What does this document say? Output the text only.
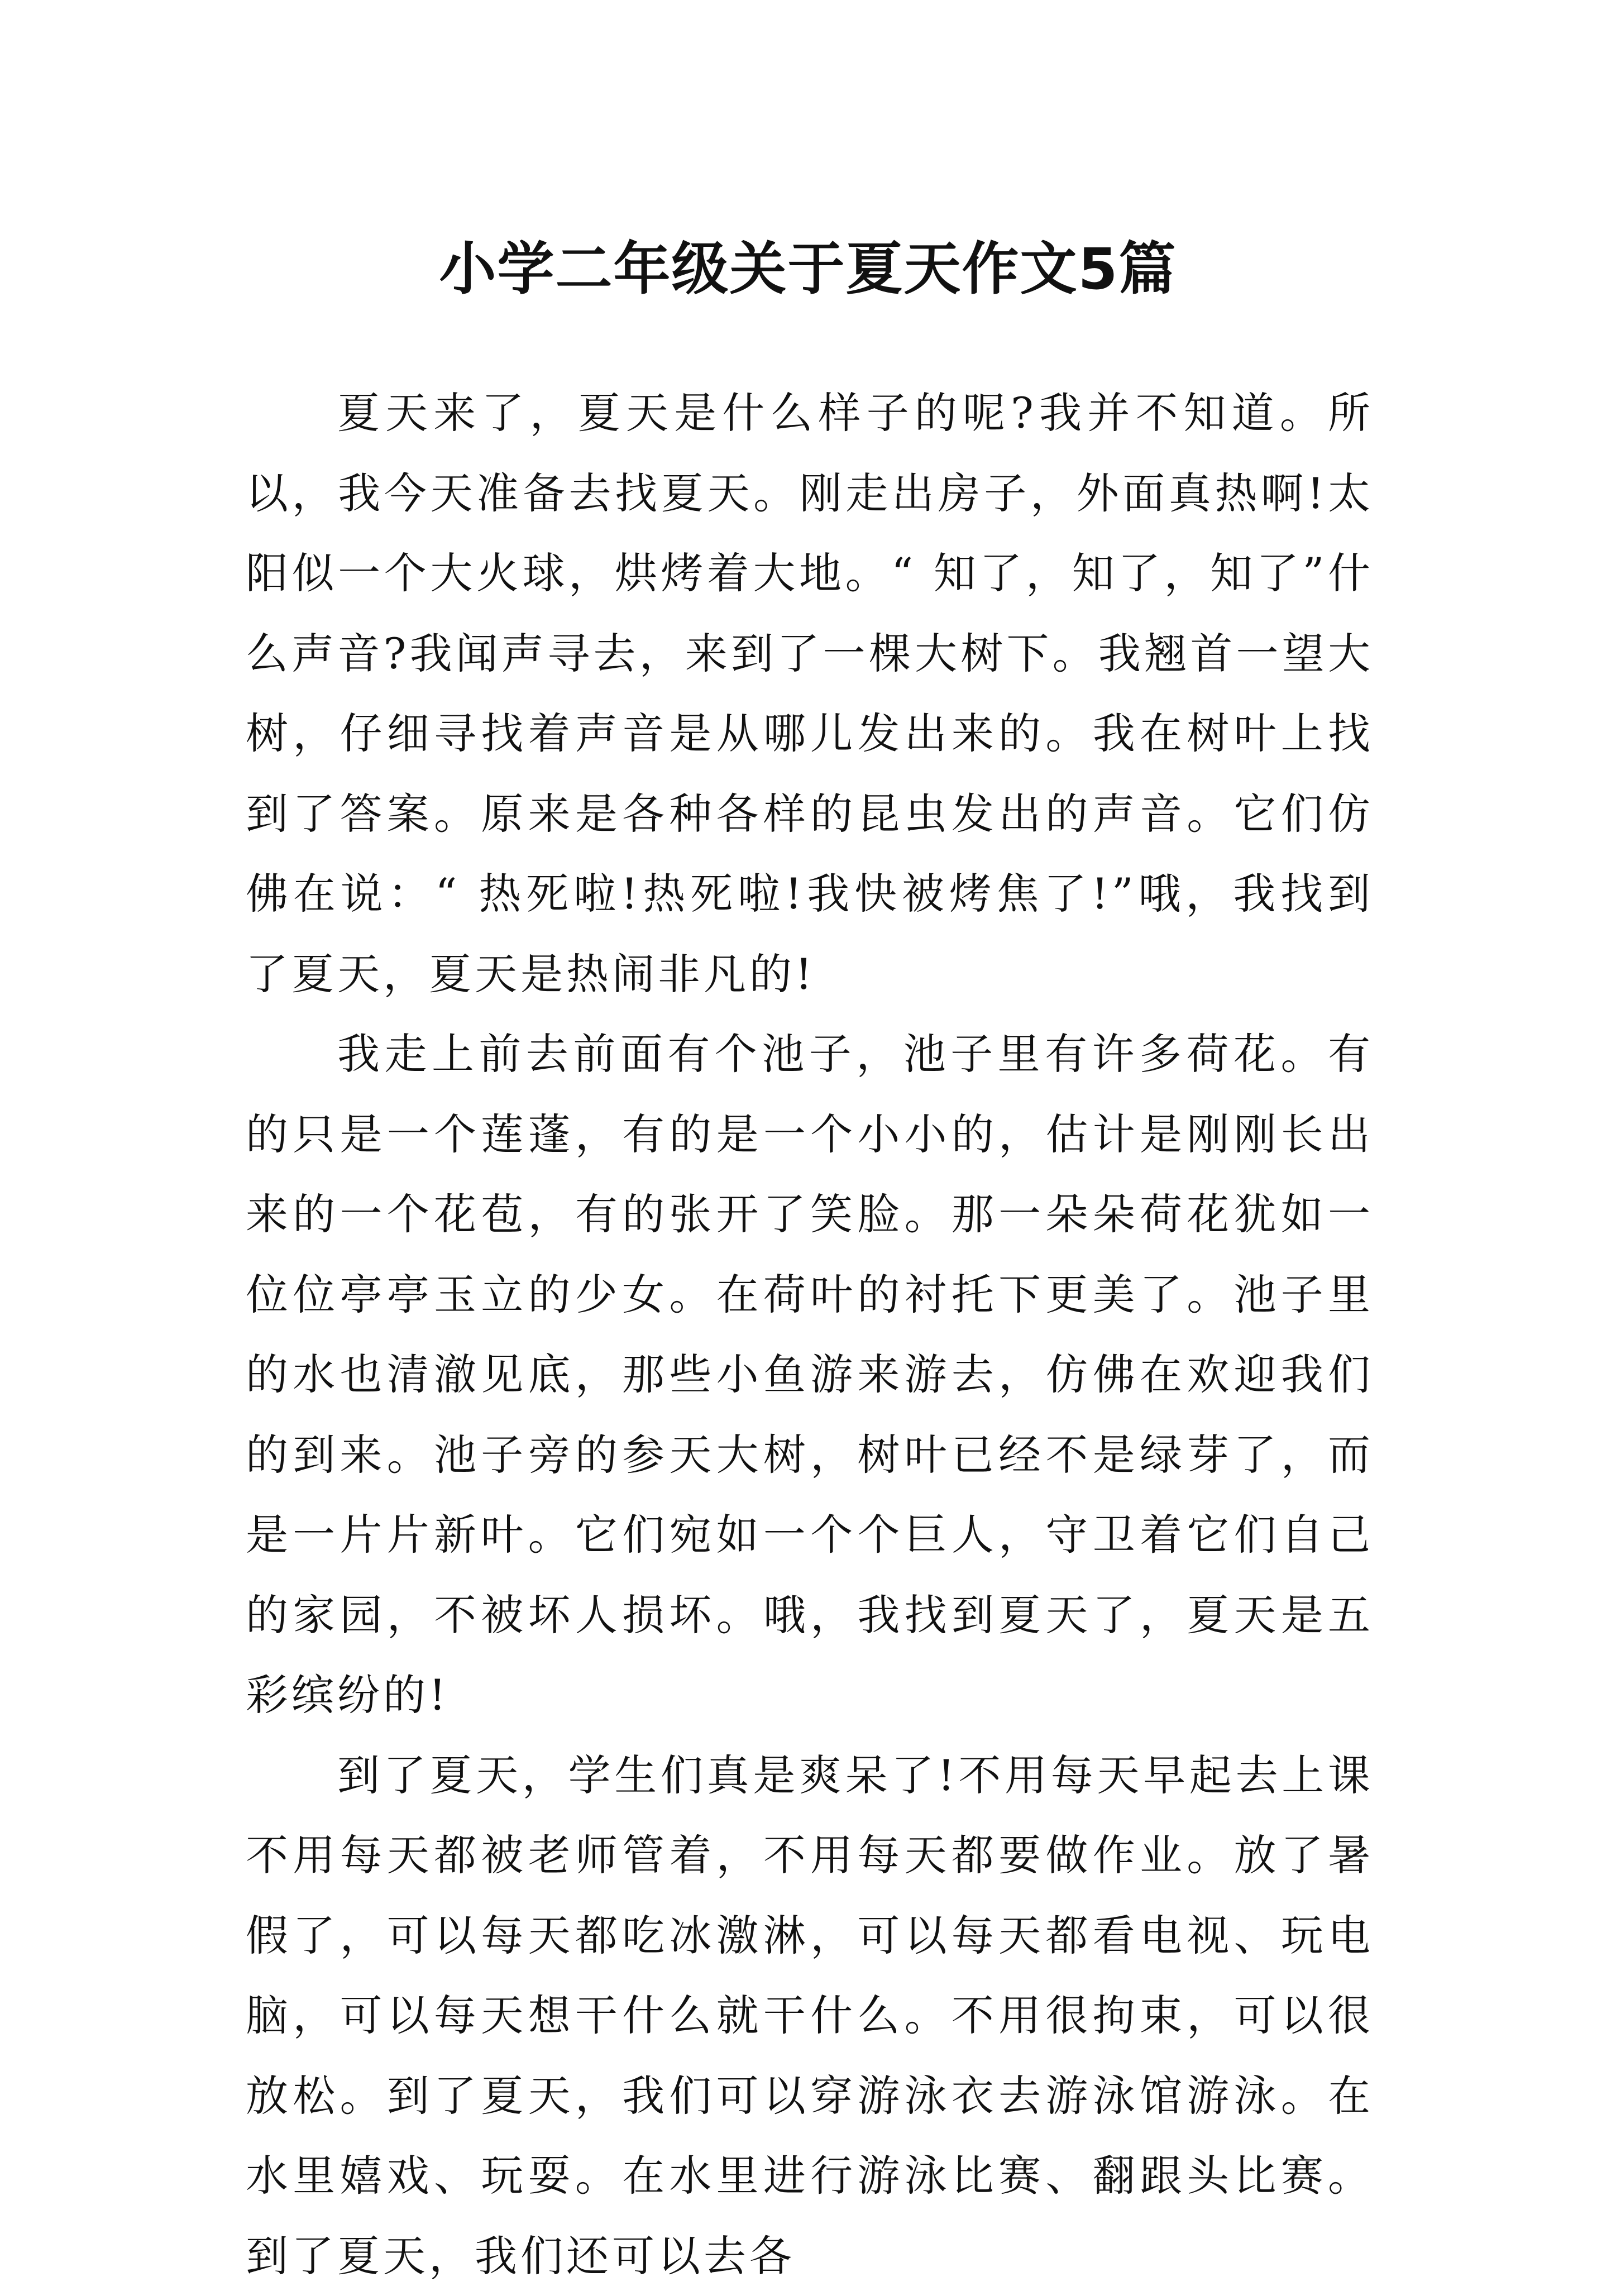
小学二年级关于夏天作文5篇

夏天来了，夏天是什么样子的呢?我并不知道。所以，我今天准备去找夏天。刚走出房子，外面真热啊!太阳似一个大火球，烘烤着大地。“ 知了，知了，知了”什么声音?我闻声寻去，来到了一棵大树下。我翘首一望大树，仔细寻找着声音是从哪儿发出来的。我在树叶上找到了答案。原来是各种各样的昆虫发出的声音。它们仿佛在说：“ 热死啦!热死啦!我快被烤焦了!”哦，我找到了夏天，夏天是热闹非凡的!

我走上前去前面有个池子，池子里有许多荷花。有的只是一个莲蓬，有的是一个小小的，估计是刚刚长出来的一个花苞，有的张开了笑脸。那一朵朵荷花犹如一位位亭亭玉立的少女。在荷叶的衬托下更美了。池子里的水也清澈见底，那些小鱼游来游去，仿佛在欢迎我们的到来。池子旁的参天大树，树叶已经不是绿芽了，而是一片片新叶。它们宛如一个个巨人，守卫着它们自己的家园，不被坏人损坏。哦，我找到夏天了，夏天是五彩缤纷的!

到了夏天，学生们真是爽呆了!不用每天早起去上课不用每天都被老师管着，不用每天都要做作业。放了暑假了，可以每天都吃冰激淋，可以每天都看电视、玩电脑，可以每天想干什么就干什么。不用很拘束，可以很放松。到了夏天，我们可以穿游泳衣去游泳馆游泳。在水里嬉戏、玩耍。在水里进行游泳比赛、翻跟头比赛。到了夏天，我们还可以去各
